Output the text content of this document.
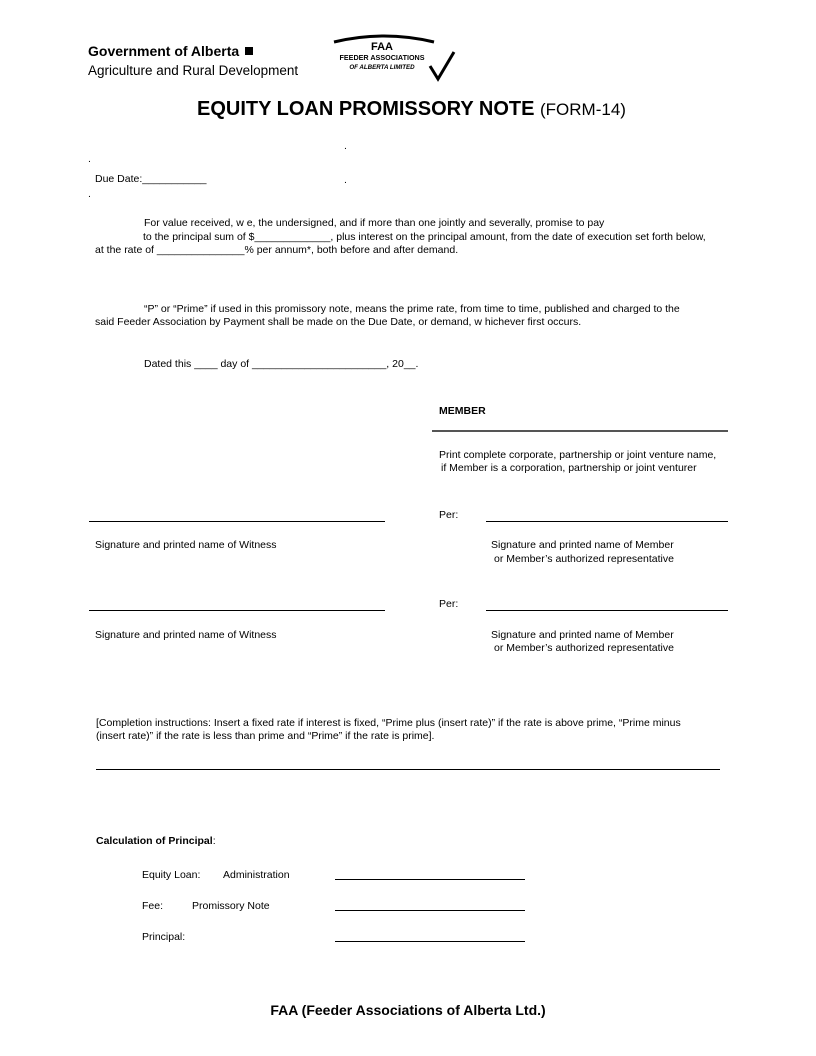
Government of Alberta
Agriculture and Rural Development
FAA
FEEDER ASSOCIATIONS
OF ALBERTA LIMITED
EQUITY LOAN PROMISSORY NOTE (FORM-14)
.
.
Due Date:___________	.
.
For value received, w e, the undersigned, and if more than one jointly and severally, promise to pay
to the principal sum of $_____________, plus interest on the principal amount, from the date of execution set forth below,
at the rate of _______________% per annum*, both before and after demand.
“P” or “Prime” if used in this promissory note, means the prime rate, from time to time, published and charged to the
said Feeder Association by Payment shall be made on the Due Date, or demand, w hichever first occurs.
Dated this ____ day of _______________________, 20__.
MEMBER
Print complete corporate, partnership or joint venture name,
if Member is a corporation, partnership or joint venturer
Per:
Signature and printed name of Witness	Signature and printed name of Member
or Member’s authorized representative
Per:
Signature and printed name of Witness	Signature and printed name of Member
or Member’s authorized representative
[Completion instructions: Insert a fixed rate if interest is fixed, “Prime plus (insert rate)” if the rate is above prime, “Prime minus
(insert rate)” if the rate is less than prime and “Prime” if the rate is prime].
Calculation of Principal:
Equity Loan: Administration
Fee:	Promissory Note
Principal:
FAA (Feeder Associations of Alberta Ltd.)
